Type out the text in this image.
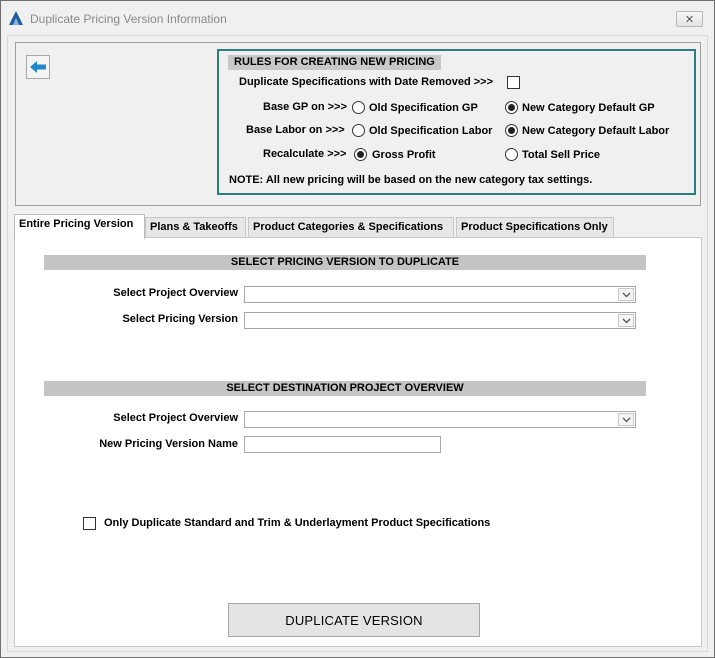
Duplicate Pricing Version Information	✕
RULES FOR CREATING NEW PRICING
Duplicate Specifications with Date Removed >>>
Base GP on >>> Old Specification GP	New Category Default GP
Base Labor on >>> Old Specification Labor	New Category Default Labor
Recalculate >>> Gross Profit	Total Sell Price
NOTE: All new pricing will be based on the new category tax settings.
Entire Pricing Version	Plans & Takeoffs	Product Categories & Specifications	Product Specifications Only
SELECT PRICING VERSION TO DUPLICATE
Select Project Overview
Select Pricing Version
SELECT DESTINATION PROJECT OVERVIEW
Select Project Overview
New Pricing Version Name
Only Duplicate Standard and Trim & Underlayment Product Specifications
DUPLICATE VERSION
